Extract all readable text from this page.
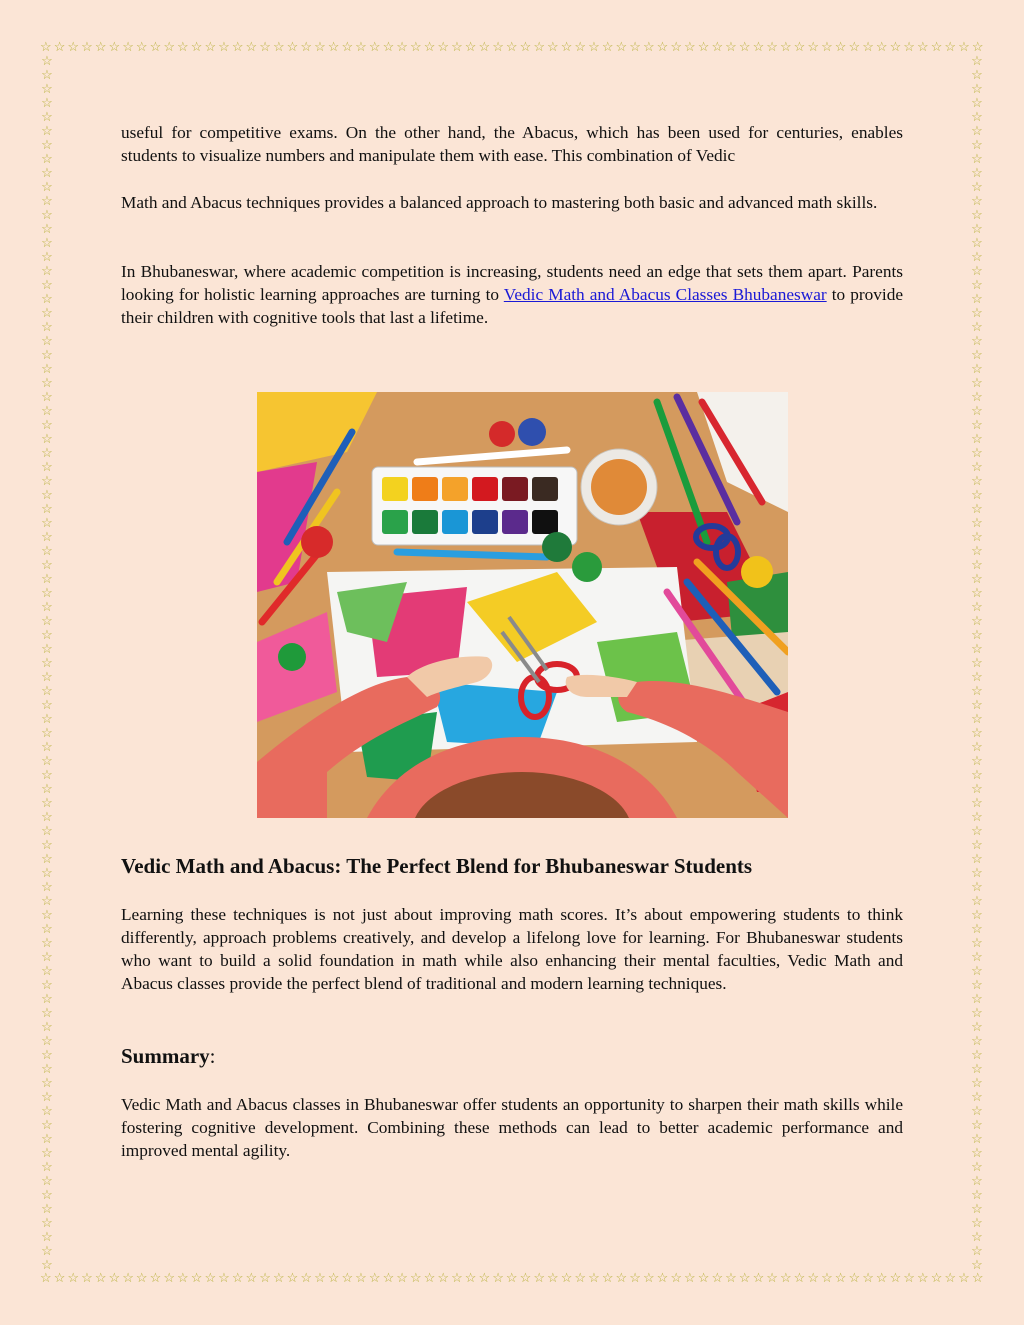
☆ ☆ ☆ ☆ ☆ ☆ ☆ ☆ ☆ ☆ ☆ ☆ ☆ ☆ ☆ ☆ ☆ ☆ ☆ ☆ ☆ ☆ ☆ ☆ ☆ ☆ ☆ ☆ ☆ ☆ ☆ ☆ ☆ ☆ ☆ ☆ ☆ ☆ ☆ ☆ ☆ ☆ ☆ ☆ ☆ ☆ ☆ ☆ ☆ ☆ ☆ ☆ ☆ ☆ ☆ ☆ ☆ ☆ ☆ ☆ ☆ ☆ ☆ ☆ ☆ ☆ ☆ ☆ ☆
☆ ☆ ☆ ☆ ☆ ☆ ☆ ☆ ☆ ☆ ☆ ☆ ☆ ☆ ☆ ☆ ☆ ☆ ☆ ☆ ☆ ☆ ☆ ☆ ☆ ☆ ☆ ☆ ☆ ☆ ☆ ☆ ☆ ☆ ☆ ☆ ☆ ☆ ☆ ☆ ☆ ☆ ☆ ☆ ☆ ☆ ☆ ☆ ☆ ☆ ☆ ☆ ☆ ☆ ☆ ☆ ☆ ☆ ☆ ☆ ☆ ☆ ☆ ☆ ☆ ☆ ☆ ☆ ☆
☆
☆
☆
☆
☆
☆
☆
☆
☆
☆
☆
☆
☆
☆
☆
☆
☆
☆
☆
☆
☆
☆
☆
☆
☆
☆
☆
☆
☆
☆
☆
☆
☆
☆
☆
☆
☆
☆
☆
☆
☆
☆
☆
☆
☆
☆
☆
☆
☆
☆
☆
☆
☆
☆
☆
☆
☆
☆
☆
☆
☆
☆
☆
☆
☆
☆
☆
☆
☆
☆
☆
☆
☆
☆
☆
☆
☆
☆
☆
☆
☆
☆
☆
☆
☆
☆
☆
☆
☆
☆
☆
☆
☆
☆
☆
☆
☆
☆
☆
☆
☆
☆
☆
☆
☆
☆
☆
☆
☆
☆
☆
☆
☆
☆
☆
☆
☆
☆
☆
☆
☆
☆
☆
☆
☆
☆
☆
☆
☆
☆
☆
☆
☆
☆
☆
☆
☆
☆
☆
☆
☆
☆
☆
☆
☆
☆
☆
☆
☆
☆
☆
☆
☆
☆
☆
☆
☆
☆
☆
☆
☆
☆
☆
☆
☆
☆
☆
☆
☆
☆
☆
☆
☆
☆

useful for competitive exams. On the other hand, the Abacus, which has been used for centuries, enables students to visualize numbers and manipulate them with ease. This combination of Vedic

Math and Abacus techniques provides a balanced approach to mastering both basic and advanced math skills.

In Bhubaneswar, where academic competition is increasing, students need an edge that sets them apart. Parents looking for holistic learning approaches are turning to Vedic Math and Abacus Classes Bhubaneswar to provide their children with cognitive tools that last a lifetime.

Vedic Math and Abacus: The Perfect Blend for Bhubaneswar Students

Learning these techniques is not just about improving math scores. It’s about empowering students to think differently, approach problems creatively, and develop a lifelong love for learning. For Bhubaneswar students who want to build a solid foundation in math while also enhancing their mental faculties, Vedic Math and Abacus classes provide the perfect blend of traditional and modern learning techniques.

Summary:

Vedic Math and Abacus classes in Bhubaneswar offer students an opportunity to sharpen their math skills while fostering cognitive development. Combining these methods can lead to better academic performance and improved mental agility.
